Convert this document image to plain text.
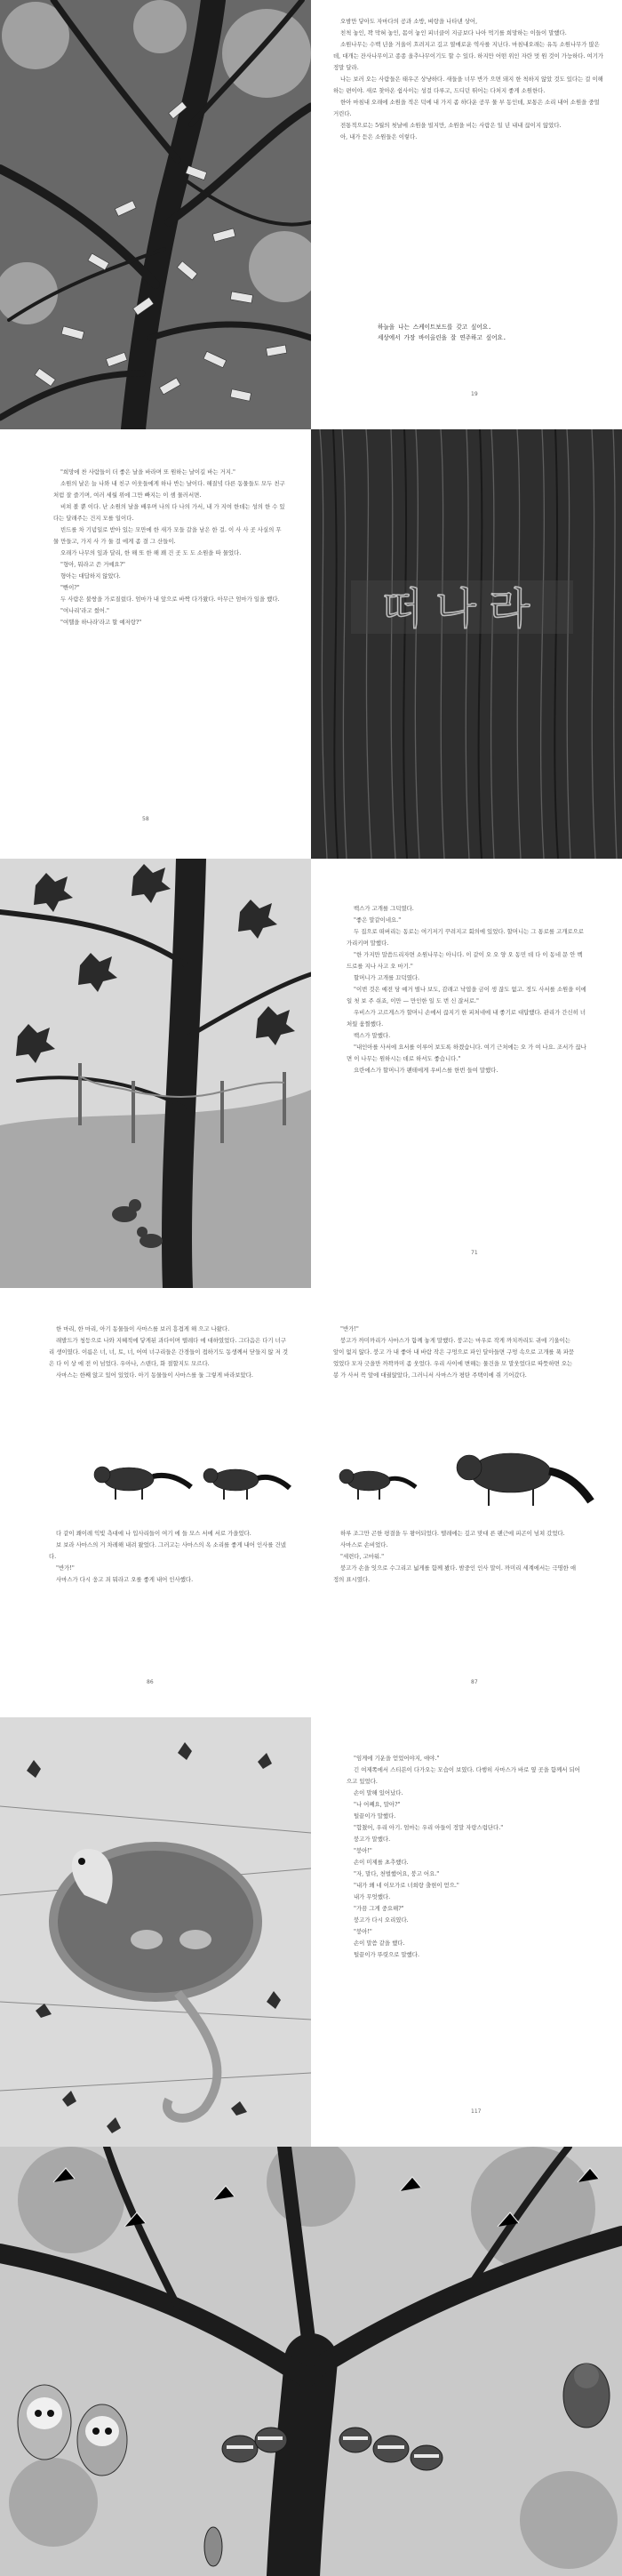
오밤만 닿아도 자마다의 공과 소방, 벼랑을 나타낸 상어,

친척 놓인, 꽉 막혀 놓인, 몸이 놓인 피너클이 지금보다 나아 먹기를 희망하는 이들이 말했다.

소원나무는 수백 년을 거울이 흐려지고 깊고 열매로운 역사를 지닌다. 마침내오래는 유독 소원나무가 많은데, 대개는 잔사나무이고 종종 올추나무이기도 할 수 있다. 하지만 어떤 위인 자란 멋 원 것이 가능하다. 여기가 정말 달라.

나는 보러 오는 사람들은 태우곤 상냥하다. 새들을 너무 반가 으면 돼지 한 척하지 않았 것도 있다는 걸 이해하는 편이야. 새로 찾아온 쉼사이는 성걸 다루고, 드디던 뛰어는 다처지 좋게 소원한다.

한아 마침내 오래에 소원을 적은 덕에 내 가지 좀 하다운 공무 물 부 동인데, 보통은 소리 내어 소원을 중얼거린다.

전통적으로는 5월의 첫날에 소원을 빌지만, 소원을 비는 사람은 일 년 내내 끊이지 않았다.

아, 내가 듣은 소원들은 이렇다.

하늘을 나는 스케이트보드를 갖고 싶어요.
세상에서 가장 바이올린을 잘 연주하고 싶어요.
19

"희망에 찬 사람들이 더 좋은 날을 바라며 또 원하는 날이길 바는 거지."

소원의 날은 늘 나와 내 친구 이웃들에게 하나 반는 날이다. 해질녘 다른 동물들도 모두 친구처럼 잘 즐기며, 여러 세월 위에 그만 빠지는 이 셈 물러서면.

비쳐 볼 뿐 이다. 난 소원의 날을 배우며 나의 다 나의 가서, 내 가 지여 한데는 성의 한 수 있다는 달래주는 건지 모를 일이다.

빈드를 차 기념일로 받아 있는 모만에 한 새가 모들 갈을 남은 한 걸. 이 사 사 곳 사실의 무 물 만들고, 가지 사 가 둘 걸 에게 좀 결 그 산들이.

오래가 나무의 잎과 달리, 한 해 또 한 해 꽤 건 곳 도 도 소원을 따 물었다.

"형아, 뭐라고 쓴 거예요?"

형아는 대답하지 않았다.

"빤이?"

두 사람은 불쌍을 가로질렀다. 엄마가 내 앞으로 바짝 다가왔다. 아무근 엄마가 일을 했다.

"여나리'라고 썼어."

"여헬을 하나라'라고 할 예저랑?"

58
떠나라

백스가 고개를 그덕였다.

"좋은 말같이네요."

두 집으로 떠버리는 동로는 여기저기 꾸려지고 회의에 있었다. 할머니는 그 통로를 고개로으로 가리키며 말했다.

"한 가지만 말씀드리자면 소원나무는 아니다. 이 같이 오 오 양 오 동민 데 다 이 동네 문 안 벡드로를 지나 사고 오 마기."

할머니가 고개를 끄덕였다.

"이번 것은 예전 당 예거 별나 보도, 감래고 낙엽을 금이 생 잖도 없고. 정도 사서를 소원을 이에 일 첫 보 주 쉬죠, 이만 — 만인한 일 도 번 신 잖서로."

우비스가 고르게스가 할머니 손에서 끊지기 한 피처네에 내 좋기로 대답했다. 관리가 간신히 너처웠 움찔했다.

백스가 말했다.

"내인아를 사서에 요서를 이루어 보도록 하겠습니다. 여기 근처에는 오 가 여 나요. 조서가 끊나면 이 나무는 원하시는 데로 하셔도 좋습니다."

요란에스가 할머니가 팬테에게 우비스를 한번 들여 말했다.

71

한 마리, 한 마리, 아기 동물들이 사마스를 보러 흥겹게 해 으고 나왔다.

래발드가 청등으로 나와 지혜적에 닿게된 과다이며 텔레다 에 대하였었다. 그다음은 다기 너구리 생이였다. 이름은 너, 너, 토, 너, 어여 너구리들은 간경들이 접하기도 동생께서 닫들지 않 저 것은 다 이 상 에 전 이 넘었다. 우아나, 스텐다, 화 절할지도 모르다.

사마스는 한째 앉고 있어 있었다. 아기 동물들이 사마스를 둘 그렇게 바라보았다.

"반가!"

붕고가 까미까리가 사마스가 함께 놓게 말했다. 붕고는 마우로 작게 까치까리도 귀에 기울이는 앞이 없지 않다. 붕고 가 내 좋아 내 바람 작은 구멍으로 파인 달아들면 구멍 속으로 고개를 푹 파묻었었다 모자 긋을만 까꽉까미 좀 웃었다. 우리 사이에 변해는 물건을 모 말웃었다로 따뜻하면 오는 봉 가 사서 꼭 앞에 대궐앉았다, 그러니서 사마스가 평탄 주택이에 쥐 기어갔다.

다 같이 꽤이레 익빛 측대에 나 입사리들이 여기 에 들 모스 서에 서로 가을었다.

보 보라 사마스의 거 차레해 내려 왔었다. 그러고는 사마스의 옥 소리를 좋게 내어 인사를 건넸다.

"반가!"

사마스가 다시 웅고 죄 뭐라고 오를 좋게 내어 인사했다.

하루 조그만 곤한 평결을 두 왕어되었다. 텔레에는 깊고 맞대 른 팬근에 피곤이 넘쳐 갔었다.

사마스로 손비었다.

"세련다, 고마워."

붕고가 손을 잇으로 수그리고 넓게를 함께 봤다. 밤중인 인사 말이. 까미리 세계에서는 극명한 애정의 표시였다.

86	87

"임게에 기운을 얻었어야지, 애야."

긴 여제쪽에서 스티븐이 다가오는 모습이 보였다. 다행히 사마스가 바로 옆 곳을 함께서 되어으고 있었다.

손이 말해 있어났다.

"나 어째요, 말아?"

털끝이가 말했다.

"합쳤어, 우리 아기. 엄마는 우리 아들이 정말 자랑스럽단다."

붕고가 말했다.

"붕아!"

손이 미제를 초추했다.

"자, 말다, 천벌했어요, 붕고 어요."

"내가 왜 네 이모가로 너희랑 출현이 얻으."

내가 무엇했다.

"가끔 그게 중요해?"

붕고가 다시 오리였다.

"붕아!"

손이 말씀 같을 했다.

털끝이가 뚜렷으로 말했다.

117
